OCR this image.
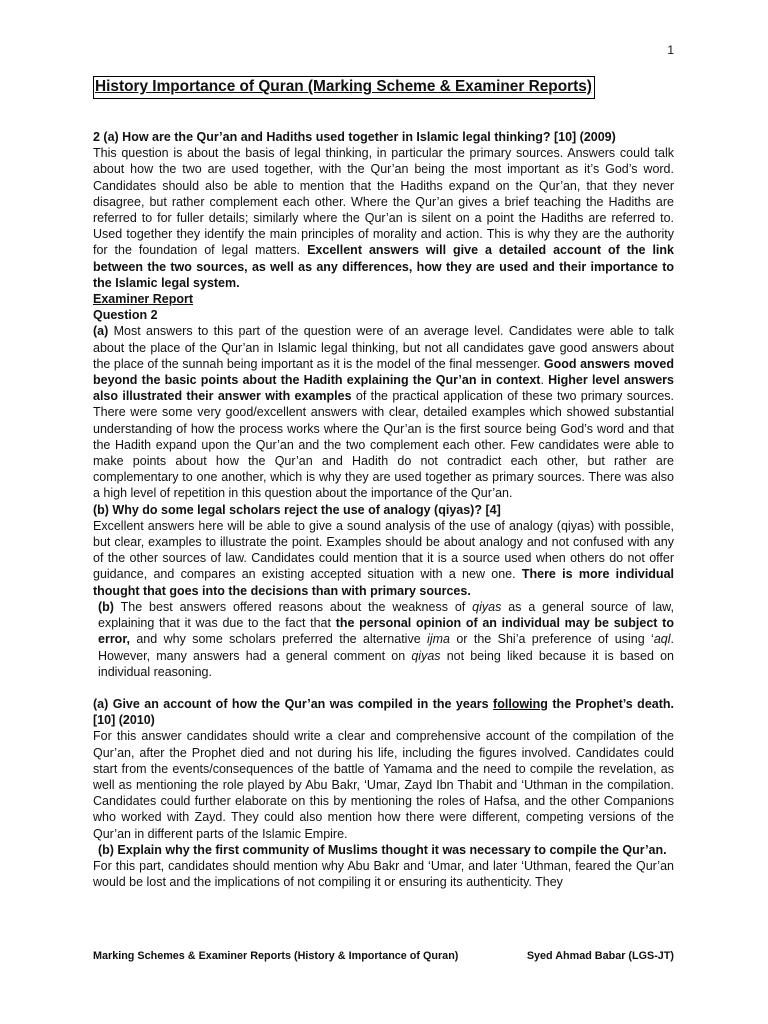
1
History Importance of Quran (Marking Scheme & Examiner Reports)

2 (a) How are the Qur’an and Hadiths used together in Islamic legal thinking? [10] (2009)

This question is about the basis of legal thinking, in particular the primary sources. Answers could talk about how the two are used together, with the Qur’an being the most important as it’s God’s word. Candidates should also be able to mention that the Hadiths expand on the Qur’an, that they never disagree, but rather complement each other. Where the Qur’an gives a brief teaching the Hadiths are referred to for fuller details; similarly where the Qur’an is silent on a point the Hadiths are referred to. Used together they identify the main principles of morality and action. This is why they are the authority for the foundation of legal matters. Excellent answers will give a detailed account of the link between the two sources, as well as any differences, how they are used and their importance to the Islamic legal system.

Examiner Report

Question 2

(a) Most answers to this part of the question were of an average level. Candidates were able to talk about the place of the Qur’an in Islamic legal thinking, but not all candidates gave good answers about the place of the sunnah being important as it is the model of the final messenger. Good answers moved beyond the basic points about the Hadith explaining the Qur’an in context. Higher level answers also illustrated their answer with examples of the practical application of these two primary sources. There were some very good/excellent answers with clear, detailed examples which showed substantial understanding of how the process works where the Qur’an is the first source being God’s word and that the Hadith expand upon the Qur’an and the two complement each other. Few candidates were able to make points about how the Qur’an and Hadith do not contradict each other, but rather are complementary to one another, which is why they are used together as primary sources. There was also a high level of repetition in this question about the importance of the Qur’an.

(b) Why do some legal scholars reject the use of analogy (qiyas)? [4]

Excellent answers here will be able to give a sound analysis of the use of analogy (qiyas) with possible, but clear, examples to illustrate the point. Examples should be about analogy and not confused with any of the other sources of law. Candidates could mention that it is a source used when others do not offer guidance, and compares an existing accepted situation with a new one. There is more individual thought that goes into the decisions than with primary sources.

(b) The best answers offered reasons about the weakness of qiyas as a general source of law, explaining that it was due to the fact that the personal opinion of an individual may be subject to error, and why some scholars preferred the alternative ijma or the Shi’a preference of using ‘aql. However, many answers had a general comment on qiyas not being liked because it is based on individual reasoning.

(a) Give an account of how the Qur’an was compiled in the years following the Prophet’s death. [10] (2010)

For this answer candidates should write a clear and comprehensive account of the compilation of the Qur’an, after the Prophet died and not during his life, including the figures involved. Candidates could start from the events/consequences of the battle of Yamama and the need to compile the revelation, as well as mentioning the role played by Abu Bakr, ‘Umar, Zayd Ibn Thabit and ‘Uthman in the compilation. Candidates could further elaborate on this by mentioning the roles of Hafsa, and the other Companions who worked with Zayd. They could also mention how there were different, competing versions of the Qur’an in different parts of the Islamic Empire.

(b) Explain why the first community of Muslims thought it was necessary to compile the Qur’an.

For this part, candidates should mention why Abu Bakr and ‘Umar, and later ‘Uthman, feared the Qur’an would be lost and the implications of not compiling it or ensuring its authenticity. They

Marking Schemes & Examiner Reports (History & Importance of Quran)	Syed Ahmad Babar (LGS-JT)
